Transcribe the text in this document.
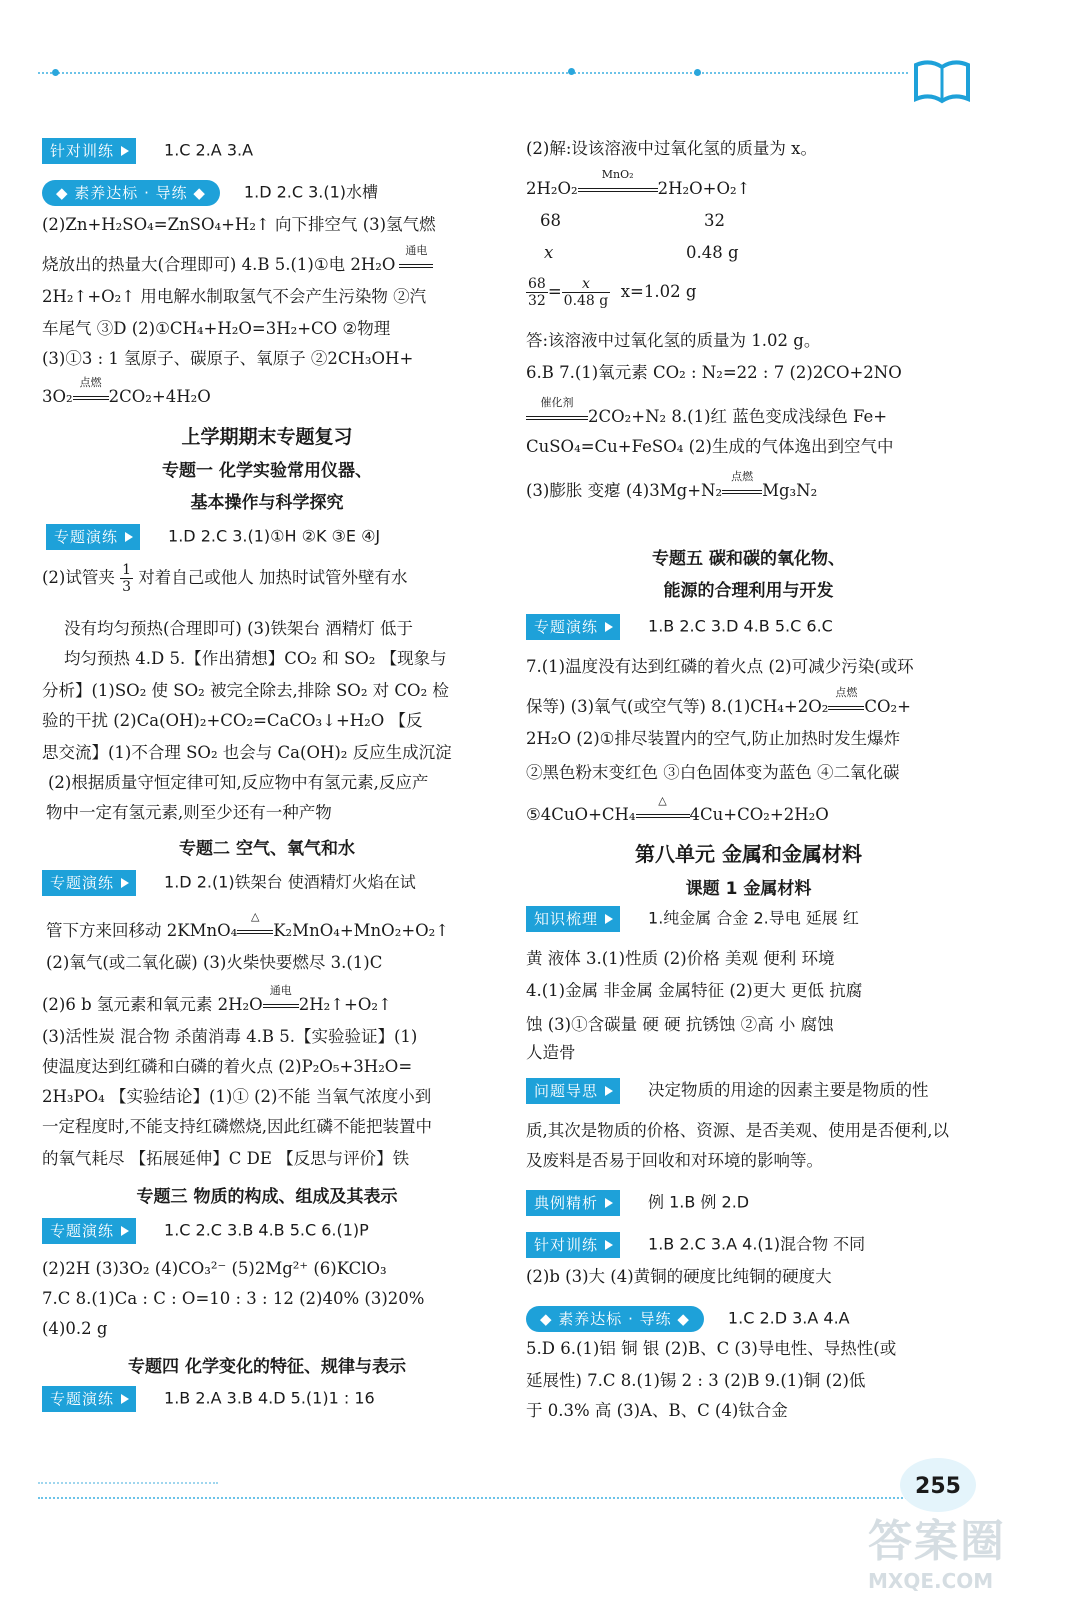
针对训练	1.C 2.A 3.A
◆ 素养达标 · 导练 ◆ 1.D 2.C 3.(1)水槽
(2)Zn+H₂SO₄=ZnSO₄+H₂↑ 向下排空气 (3)氢气燃
烧放出的热量大(合理即可) 4.B 5.(1)①电 2H₂O
通电
2H₂↑+O₂↑ 用电解水制取氢气不会产生污染物 ②汽
车尾气 ③D (2)①CH₄+H₂O=3H₂+CO ②物理
(3)①3 : 1 氢原子、碳原子、氧原子 ②2CH₃OH+
3O₂
点燃
2CO₂+4H₂O
上学期期末专题复习
专题一 化学实验常用仪器、
基本操作与科学探究
专题演练	1.D 2.C 3.(1)①H ②K ③E ④J
(2)试管夹 $\frac{1}{3}$ 对着自己或他人 加热时试管外壁有水
没有均匀预热(合理即可) (3)铁架台 酒精灯 低于
均匀预热 4.D 5.【作出猜想】CO₂ 和 SO₂ 【现象与
分析】(1)SO₂ 使 SO₂ 被完全除去,排除 SO₂ 对 CO₂ 检
验的干扰 (2)Ca(OH)₂+CO₂=CaCO₃↓+H₂O 【反
思交流】(1)不合理 SO₂ 也会与 Ca(OH)₂ 反应生成沉淀
(2)根据质量守恒定律可知,反应物中有氢元素,反应产
物中一定有氢元素,则至少还有一种产物
专题二 空气、氧气和水
专题演练	1.D 2.(1)铁架台 使酒精灯火焰在试
管下方来回移动 2KMnO₄
△
K₂MnO₄+MnO₂+O₂↑
(2)氧气(或二氧化碳) (3)火柴快要燃尽 3.(1)C
(2)6 b 氢元素和氧元素 2H₂O
通电
2H₂↑+O₂↑
(3)活性炭 混合物 杀菌消毒 4.B 5.【实验验证】(1)
使温度达到红磷和白磷的着火点 (2)P₂O₅+3H₂O=
2H₃PO₄ 【实验结论】(1)① (2)不能 当氧气浓度小到
一定程度时,不能支持红磷燃烧,因此红磷不能把装置中
的氧气耗尽 【拓展延伸】C DE 【反思与评价】铁
专题三 物质的构成、组成及其表示
专题演练	1.C 2.C 3.B 4.B 5.C 6.(1)P
(2)2H (3)3O₂ (4)CO₃²⁻ (5)2Mg²⁺ (6)KClO₃
7.C 8.(1)Ca : C : O=10 : 3 : 12 (2)40% (3)20%
(4)0.2 g
专题四 化学变化的特征、规律与表示
专题演练	1.B 2.A 3.B 4.D 5.(1)1 : 16
(2)解:设该溶液中过氧化氢的质量为 x。
2H₂O₂
MnO₂
2H₂O+O₂↑
68	32
x	0.48 g
$\frac{68}{32} = \frac{x}{0.48 g} x=1.02$ g
答:该溶液中过氧化氢的质量为 1.02 g。
6.B 7.(1)氧元素 CO₂ : N₂=22 : 7 (2)2CO+2NO
催化剂
2CO₂+N₂ 8.(1)红 蓝色变成浅绿色 Fe+
CuSO₄=Cu+FeSO₄ (2)生成的气体逸出到空气中
(3)膨胀 变瘪 (4)3Mg+N₂
点燃
Mg₃N₂
专题五 碳和碳的氧化物、
能源的合理利用与开发
专题演练	1.B 2.C 3.D 4.B 5.C 6.C
7.(1)温度没有达到红磷的着火点 (2)可减少污染(或环
保等) (3)氧气(或空气等) 8.(1)CH₄+2O₂
点燃
CO₂+
2H₂O (2)①排尽装置内的空气,防止加热时发生爆炸
②黑色粉末变红色 ③白色固体变为蓝色 ④二氧化碳
⑤4CuO+CH₄
△
4Cu+CO₂+2H₂O
第八单元 金属和金属材料
课题 1 金属材料
知识梳理	1.纯金属 合金 2.导电 延展 红
黄 液体 3.(1)性质 (2)价格 美观 便利 环境
4.(1)金属 非金属 金属特征 (2)更大 更低 抗腐
蚀 (3)①含碳量 硬 硬 抗锈蚀 ②高 小 腐蚀
人造骨
问题导思	决定物质的用途的因素主要是物质的性
质,其次是物质的价格、资源、是否美观、使用是否便利,以
及废料是否易于回收和对环境的影响等。
典例精析	例 1.B 例 2.D
针对训练	1.B 2.C 3.A 4.(1)混合物 不同
(2)b (3)大 (4)黄铜的硬度比纯铜的硬度大
◆ 素养达标 · 导练 ◆ 1.C 2.D 3.A 4.A
5.D 6.(1)铝 铜 银 (2)B、C (3)导电性、导热性(或
延展性) 7.C 8.(1)锡 2 : 3 (2)B 9.(1)铜 (2)低
于 0.3% 高 (3)A、B、C (4)钛合金
255
答案圈
MXQE.COM
